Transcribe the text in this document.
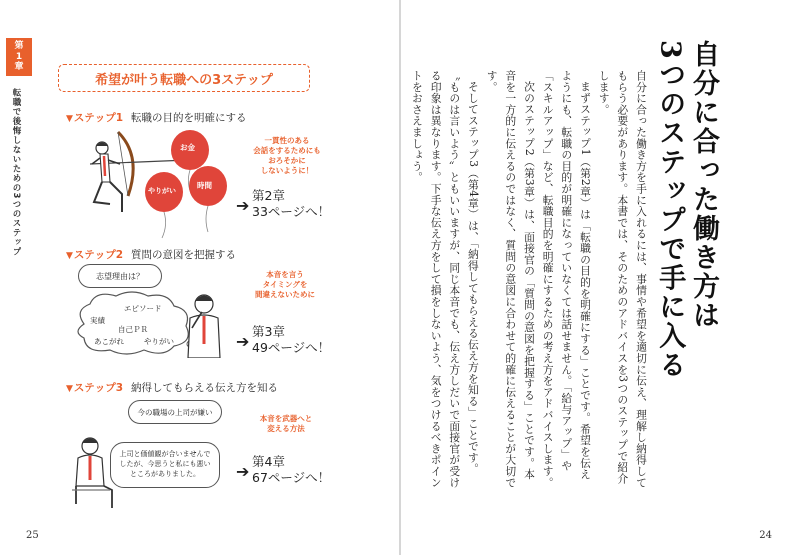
第
1
章
転職で後悔しないための3つのステップ
希望が叶う転職への3ステップ
▼ステップ1 転職の目的を明確にする
お金
やりがい
時間
一貫性のある
会話をするためにも
おろそかに
しないように！
➔
第2章
33ページへ！
▼ステップ2 質問の意図を把握する
志望理由は？
エピソード
実績
自己ＰＲ
あこがれ	やりがい
本音を言う
タイミングを
間違えないために
➔
第3章
49ページへ！
▼ステップ3 納得してもらえる伝え方を知る
今の職場の上司が嫌い
上司と価値観が合いませんでしたが、今思うと私にも悪いところがありました。
本音を武器へと
変える方法
➔
第4章
67ページへ！
25
自分に合った働き方は
3つのステップで手に入る

自分に合った働き方を手に入れるには、事情や希望を適切に伝え、理解し納得してもらう必要があります。本書では、そのためのアドバイスを3つのステップで紹介します。

まずステップ1（第2章）は「転職の目的を明確にする」ことです。希望を伝えようにも、転職の目的が明確になっていなくては話せません。「給与アップ」や「スキルアップ」など、転職目的を明確にするための考え方をアドバイスします。

次のステップ2（第3章）は、面接官の「質問の意図を把握する」ことです。本音を一方的に伝えるのではなく、質問の意図に合わせて的確に伝えることが大切です。

そしてステップ3（第4章）は、「納得してもらえる伝え方を知る」ことです。〝ものは言いよう〟ともいいますが、同じ本音でも、伝え方しだいで面接官が受ける印象は異なります。下手な伝え方をして損をしないよう、気をつけるべきポイントをおさえましょう。

24
